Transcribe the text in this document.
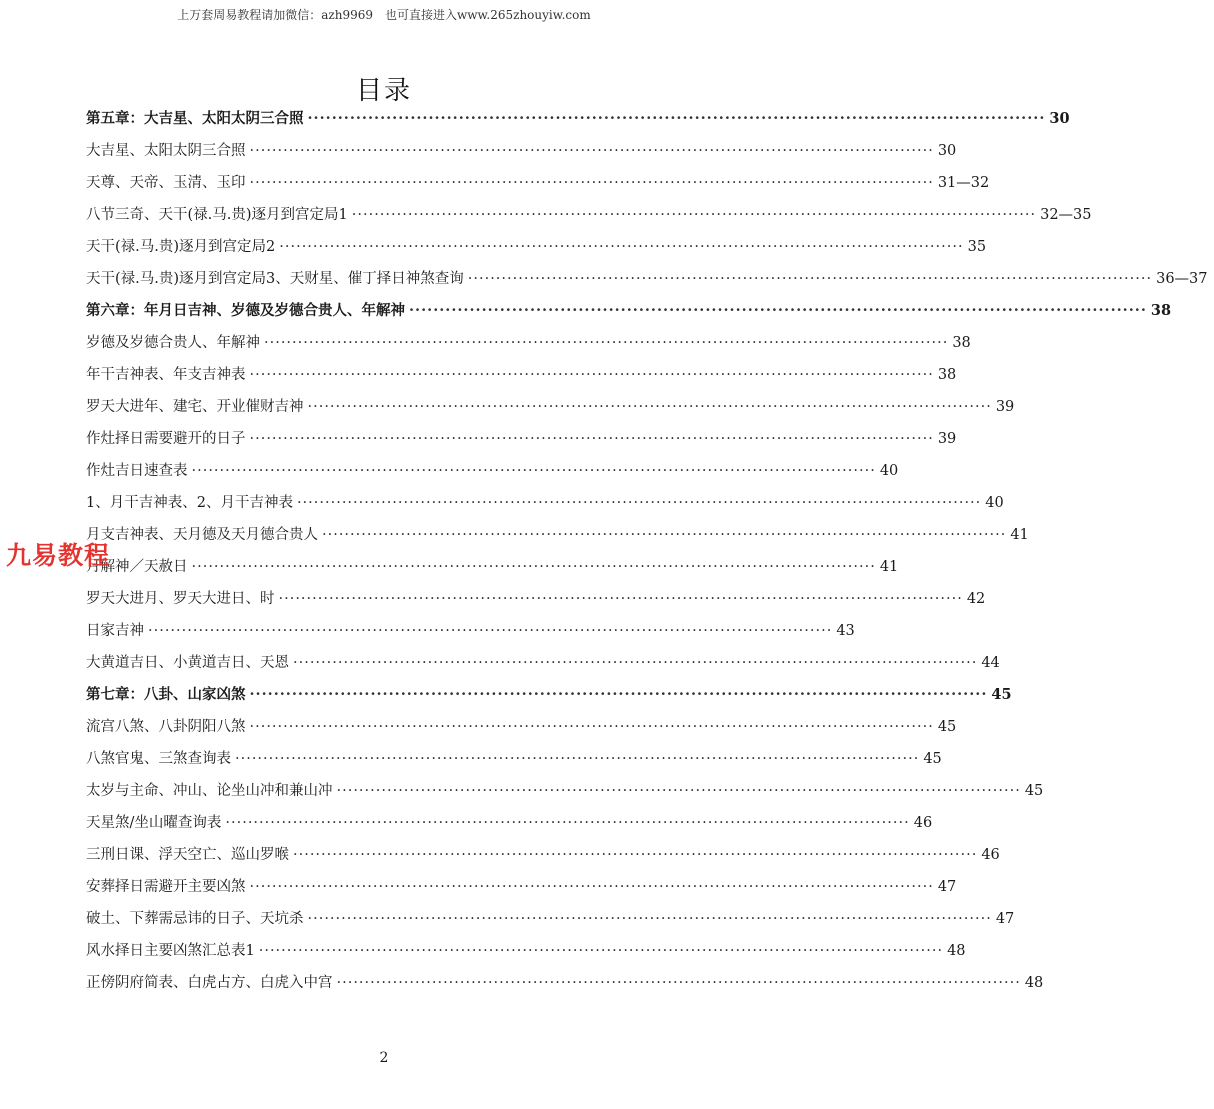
上万套周易教程请加微信：azh9969　也可直接进入www.265zhouyiw.com
目录
第五章：大吉星、太阳太阴三合照 ·························································································································· 30
大吉星、太阳太阴三合照 ·························································································································· 30
天尊、天帝、玉清、玉印 ·························································································································· 31—32
八节三奇、天干(禄.马.贵)逐月到宫定局1 ·························································································································· 32—35
天干(禄.马.贵)逐月到宫定局2 ·························································································································· 35
天干(禄.马.贵)逐月到宫定局3、天财星、催丁择日神煞查询 ·························································································································· 36—37
第六章：年月日吉神、岁德及岁德合贵人、年解神 ·························································································································· 38
岁德及岁德合贵人、年解神 ·························································································································· 38
年干吉神表、年支吉神表 ·························································································································· 38
罗天大进年、建宅、开业催财吉神 ·························································································································· 39
作灶择日需要避开的日子 ·························································································································· 39
作灶吉日速查表 ·························································································································· 40
1、月干吉神表、2、月干吉神表 ·························································································································· 40
月支吉神表、天月德及天月德合贵人 ·························································································································· 41
月解神／天赦日 ·························································································································· 41
罗天大进月、罗天大进日、时 ·························································································································· 42
日家吉神 ·························································································································· 43
大黄道吉日、小黄道吉日、天恩 ·························································································································· 44
第七章：八卦、山家凶煞 ·························································································································· 45
流宫八煞、八卦阴阳八煞 ·························································································································· 45
八煞官鬼、三煞查询表 ·························································································································· 45
太岁与主命、冲山、论坐山冲和兼山冲 ·························································································································· 45
天星煞/坐山曜查询表 ·························································································································· 46
三刑日课、浮天空亡、巡山罗喉 ·························································································································· 46
安葬择日需避开主要凶煞 ·························································································································· 47
破土、下葬需忌讳的日子、天坑杀 ·························································································································· 47
风水择日主要凶煞汇总表1 ·························································································································· 48
正傍阴府简表、白虎占方、白虎入中宫 ·························································································································· 48
九易教程
2
